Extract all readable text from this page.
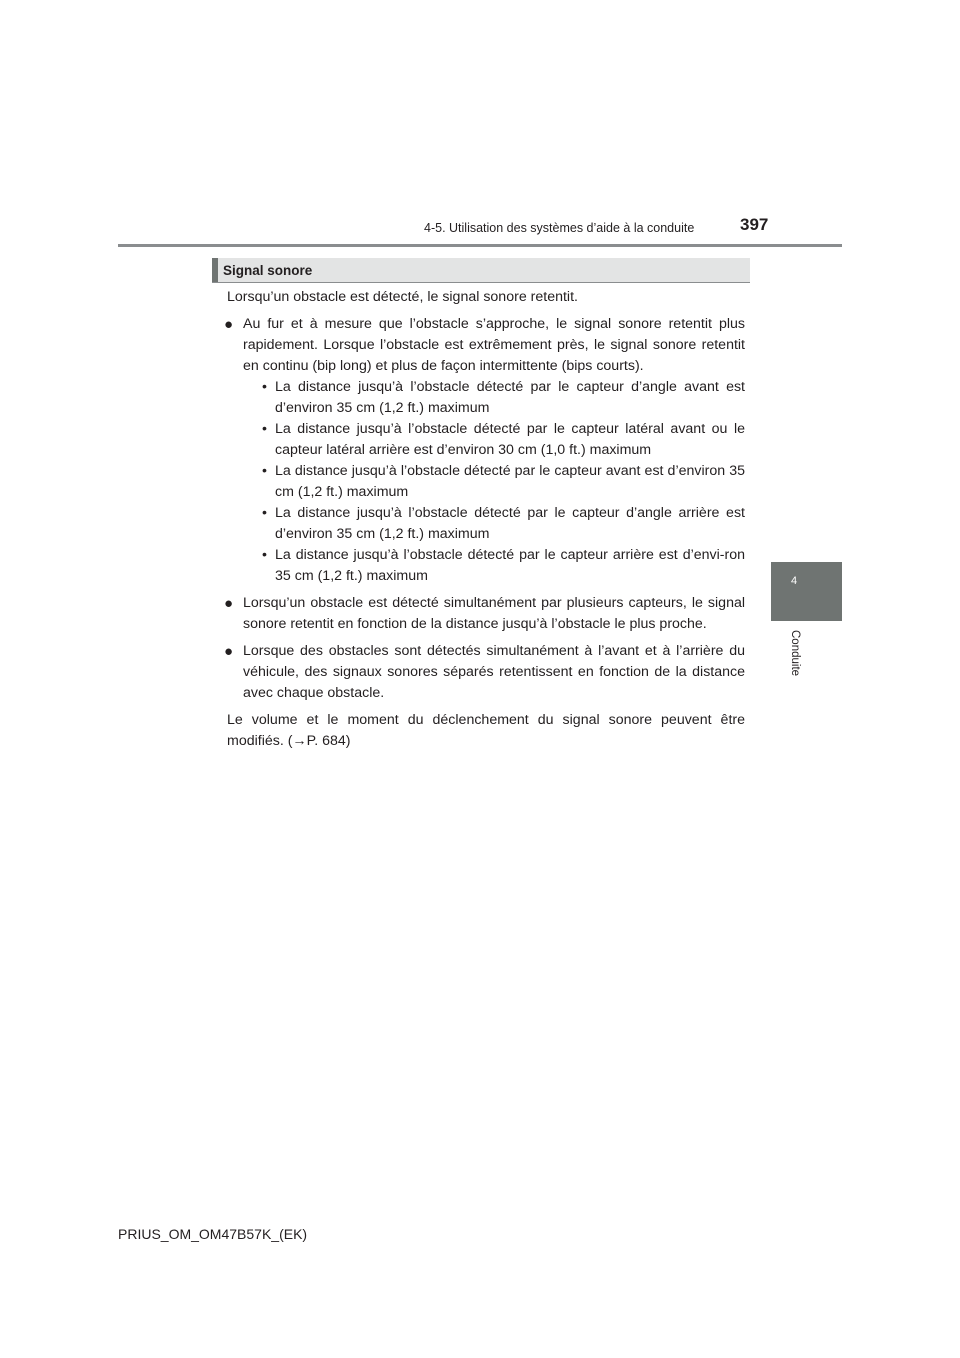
4-5. Utilisation des systèmes d’aide à la conduite	397
4
Conduite
Signal sonore

Lorsqu’un obstacle est détecté, le signal sonore retentit.

● Au fur et à mesure que l’obstacle s’approche, le signal sonore retentit plus rapidement. Lorsque l’obstacle est extrêmement près, le signal sonore retentit en continu (bip long) et plus de façon intermittente (bips courts).

• La distance jusqu’à l’obstacle détecté par le capteur d’angle avant est d’environ 35 cm (1,2 ft.) maximum

• La distance jusqu’à l’obstacle détecté par le capteur latéral avant ou le capteur latéral arrière est d’environ 30 cm (1,0 ft.) maximum

• La distance jusqu’à l’obstacle détecté par le capteur avant est d’environ 35 cm (1,2 ft.) maximum

• La distance jusqu’à l’obstacle détecté par le capteur d’angle arrière est d’environ 35 cm (1,2 ft.) maximum

• La distance jusqu’à l’obstacle détecté par le capteur arrière est d’envi-ron 35 cm (1,2 ft.) maximum

● Lorsqu’un obstacle est détecté simultanément par plusieurs capteurs, le signal sonore retentit en fonction de la distance jusqu’à l’obstacle le plus proche.

● Lorsque des obstacles sont détectés simultanément à l’avant et à l’arrière du véhicule, des signaux sonores séparés retentissent en fonction de la distance avec chaque obstacle.

Le volume et le moment du déclenchement du signal sonore peuvent être modifiés. (→P. 684)

PRIUS_OM_OM47B57K_(EK)
